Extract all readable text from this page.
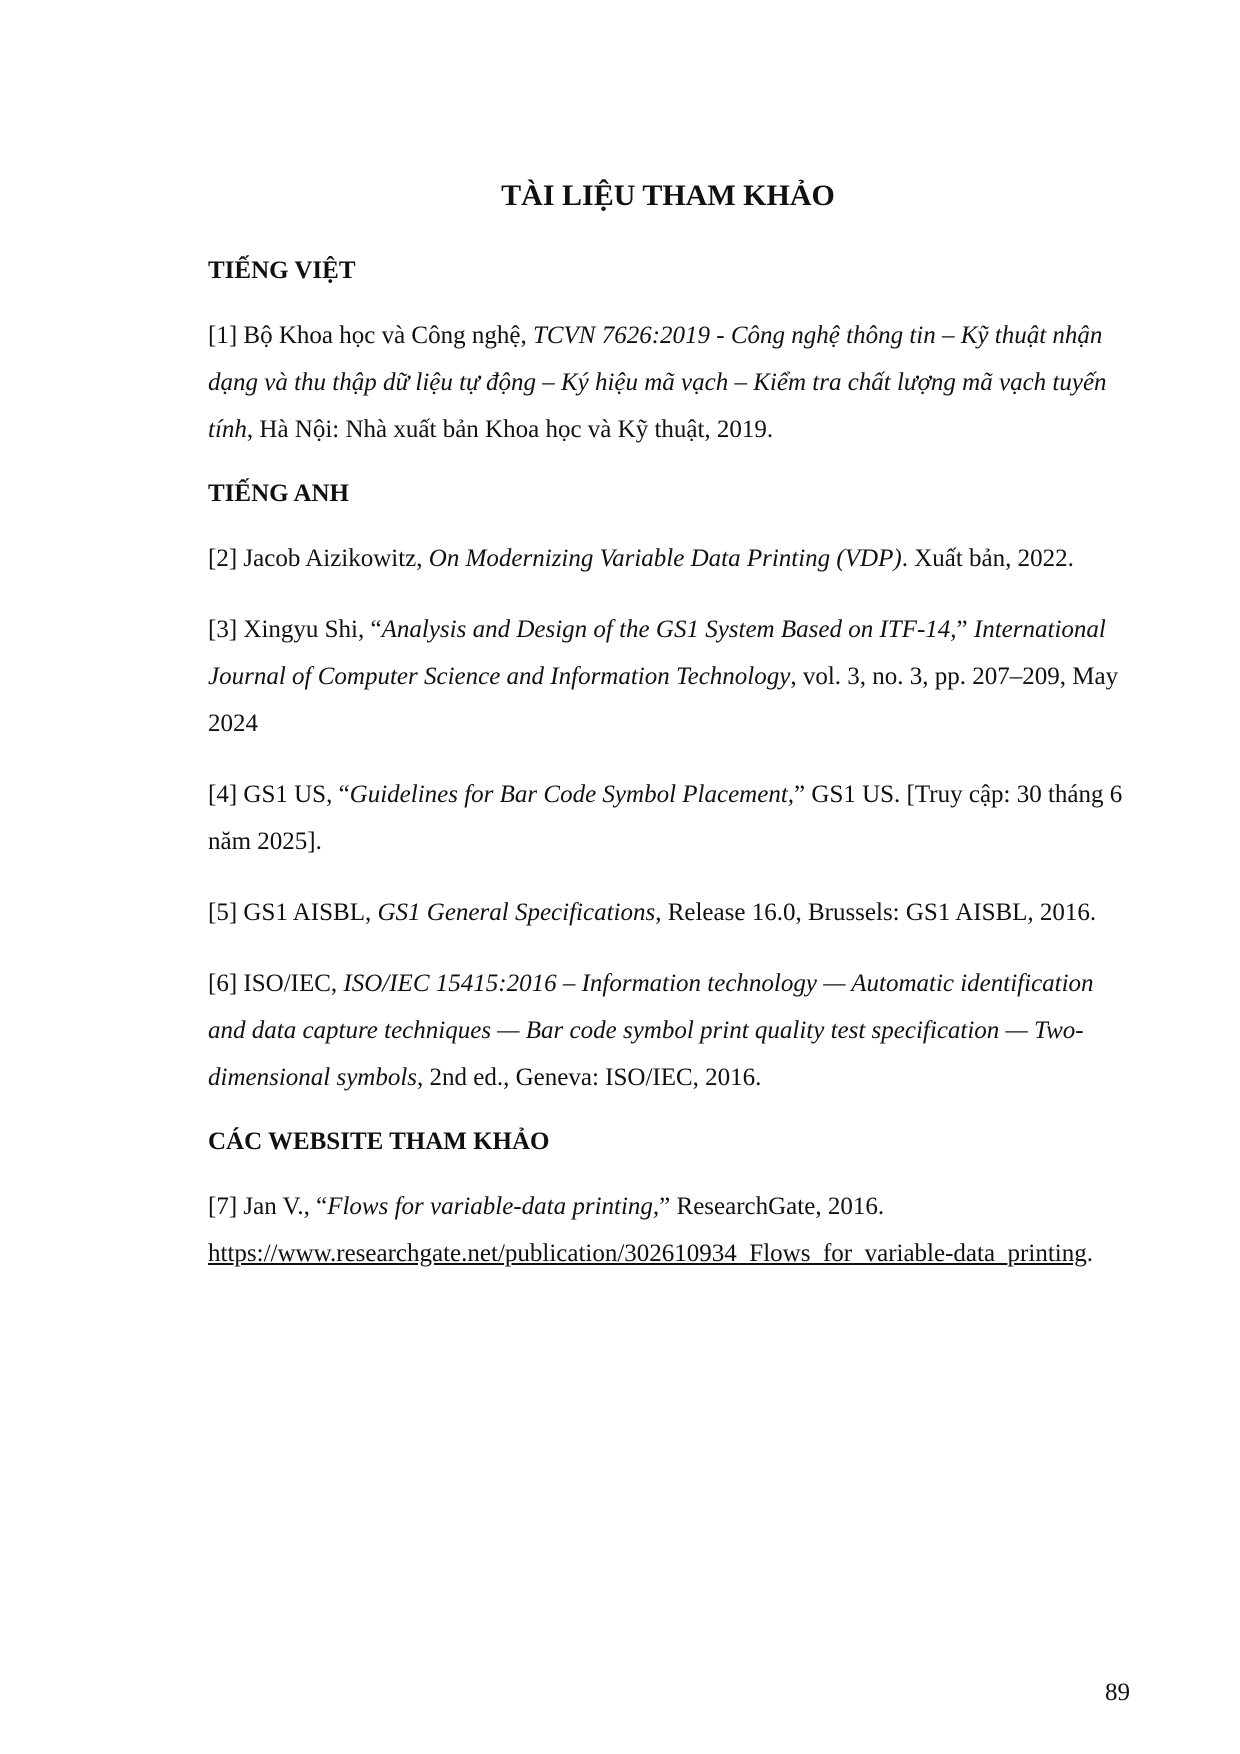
TÀI LIỆU THAM KHẢO
TIẾNG VIỆT

[1] Bộ Khoa học và Công nghệ, TCVN 7626:2019 - Công nghệ thông tin – Kỹ thuật nhận dạng và thu thập dữ liệu tự động – Ký hiệu mã vạch – Kiểm tra chất lượng mã vạch tuyến tính, Hà Nội: Nhà xuất bản Khoa học và Kỹ thuật, 2019.

TIẾNG ANH

[2] Jacob Aizikowitz, On Modernizing Variable Data Printing (VDP). Xuất bản, 2022.

[3] Xingyu Shi, “Analysis and Design of the GS1 System Based on ITF-14,” International Journal of Computer Science and Information Technology, vol. 3, no. 3, pp. 207–209, May 2024

[4] GS1 US, “Guidelines for Bar Code Symbol Placement,” GS1 US. [Truy cập: 30 tháng 6 năm 2025].

[5] GS1 AISBL, GS1 General Specifications, Release 16.0, Brussels: GS1 AISBL, 2016.

[6] ISO/IEC, ISO/IEC 15415:2016 – Information technology — Automatic identification and data capture techniques — Bar code symbol print quality test specification — Two-dimensional symbols, 2nd ed., Geneva: ISO/IEC, 2016.

CÁC WEBSITE THAM KHẢO

[7] Jan V., “Flows for variable-data printing,” ResearchGate, 2016.
https://www.researchgate.net/publication/302610934_Flows_for_variable-data_printing.

89
